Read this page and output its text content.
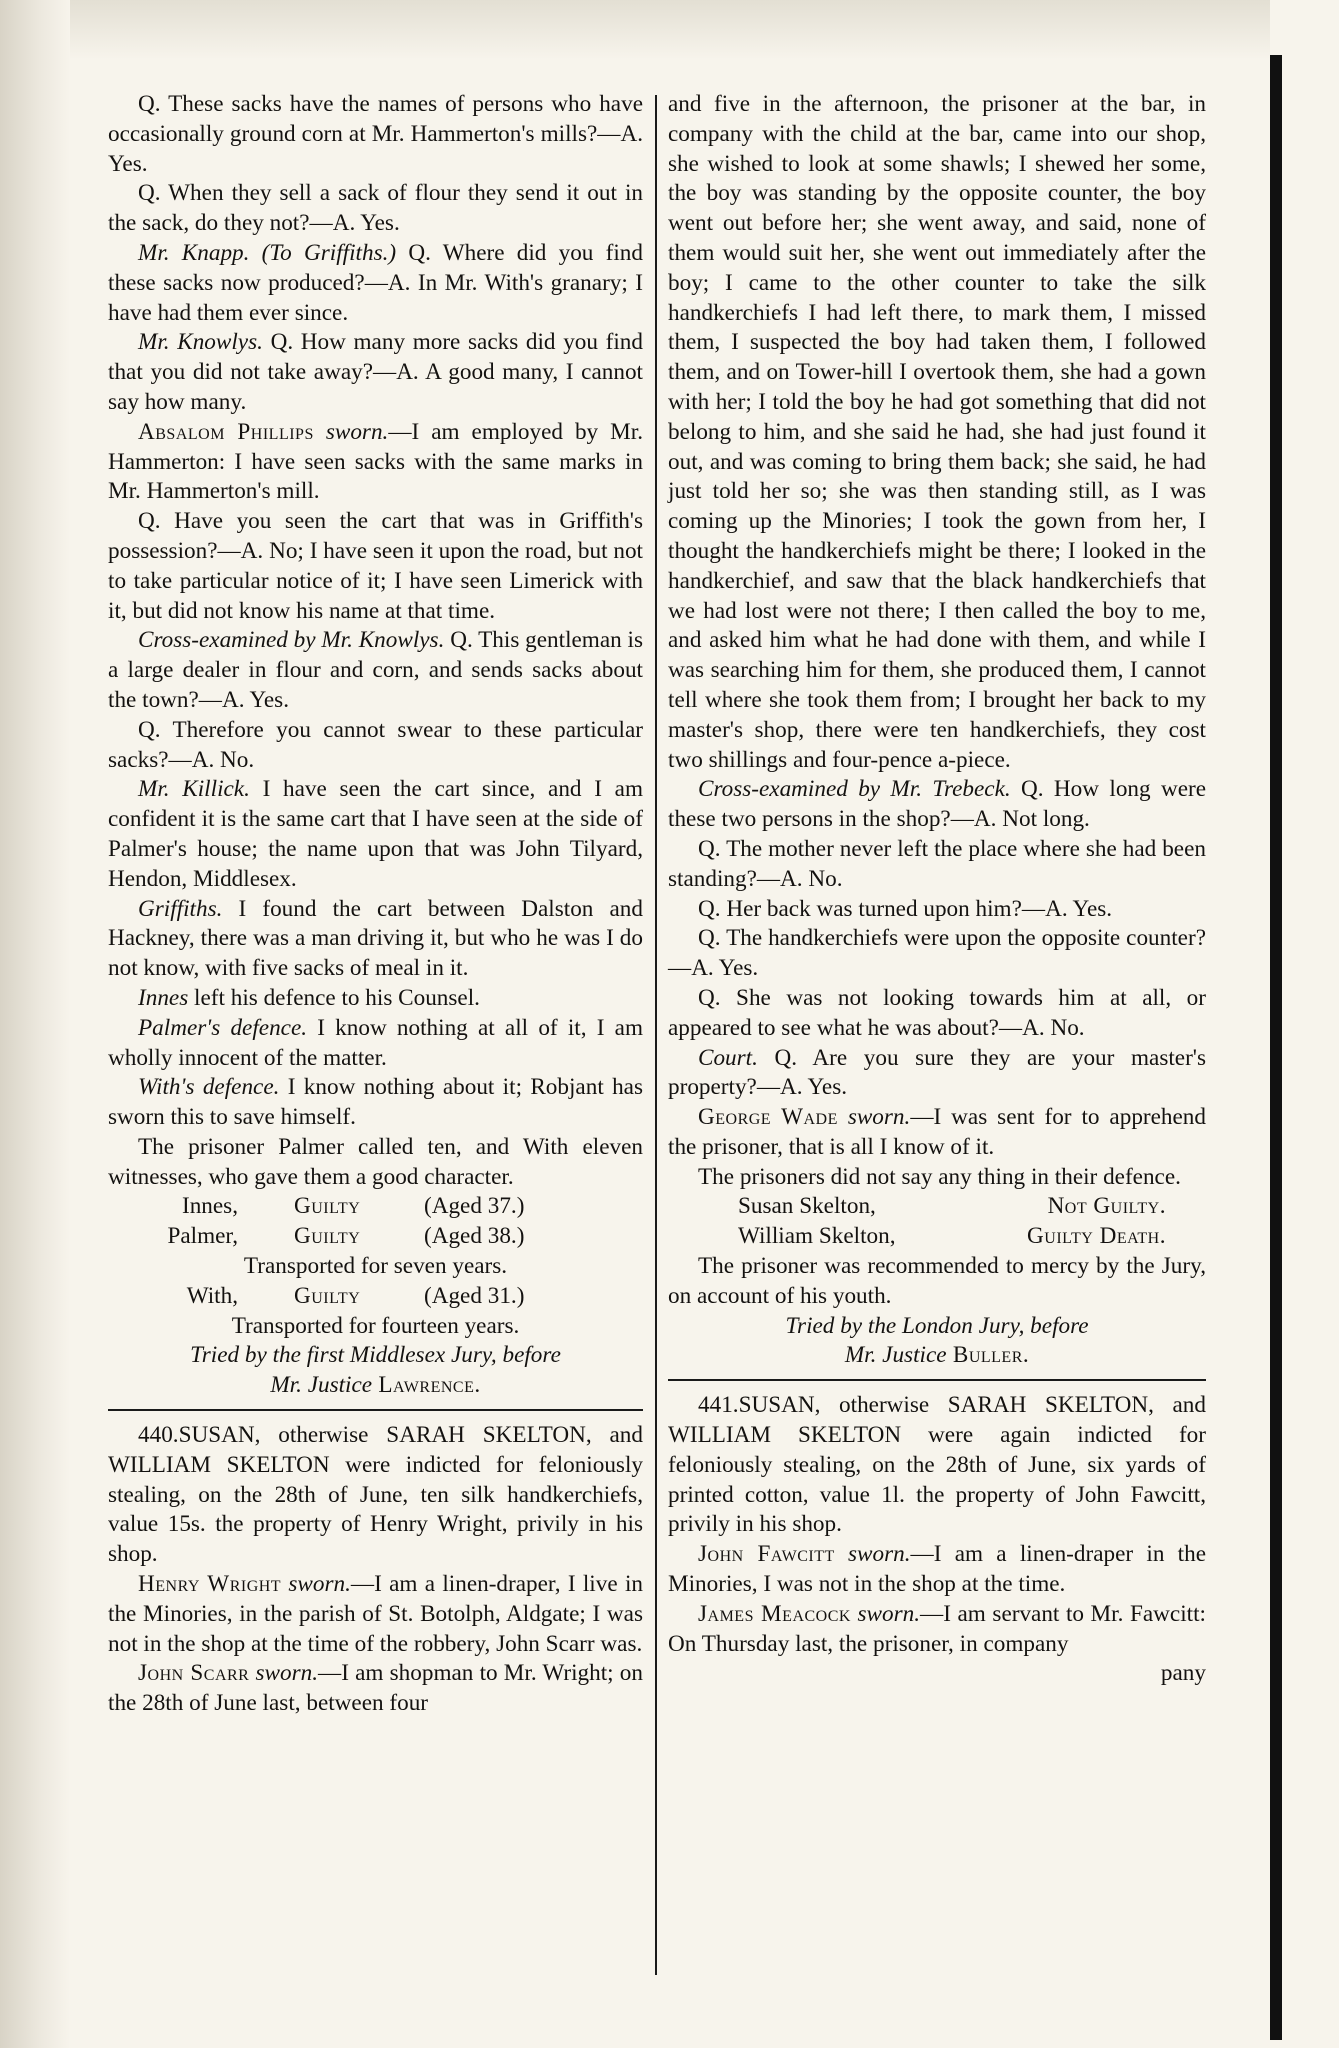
Q. These sacks have the names of persons who have occasionally ground corn at Mr. Hammerton's mills?—A. Yes.

Q. When they sell a sack of flour they send it out in the sack, do they not?—A. Yes.

Mr. Knapp. (To Griffiths.) Q. Where did you find these sacks now produced?—A. In Mr. With's granary; I have had them ever since.

Mr. Knowlys. Q. How many more sacks did you find that you did not take away?—A. A good many, I cannot say how many.

Absalom Phillips sworn.—I am employed by Mr. Hammerton: I have seen sacks with the same marks in Mr. Hammerton's mill.

Q. Have you seen the cart that was in Griffith's possession?—A. No; I have seen it upon the road, but not to take particular notice of it; I have seen Limerick with it, but did not know his name at that time.

Cross-examined by Mr. Knowlys. Q. This gentleman is a large dealer in flour and corn, and sends sacks about the town?—A. Yes.

Q. Therefore you cannot swear to these particular sacks?—A. No.

Mr. Killick. I have seen the cart since, and I am confident it is the same cart that I have seen at the side of Palmer's house; the name upon that was John Tilyard, Hendon, Middlesex.

Griffiths. I found the cart between Dalston and Hackney, there was a man driving it, but who he was I do not know, with five sacks of meal in it.

Innes left his defence to his Counsel.

Palmer's defence. I know nothing at all of it, I am wholly innocent of the matter.

With's defence. I know nothing about it; Robjant has sworn this to save himself.

The prisoner Palmer called ten, and With eleven witnesses, who gave them a good character.

Innes,	Guilty	(Aged 37.)

Palmer,	Guilty	(Aged 38.)

Transported for seven years.

With,	Guilty	(Aged 31.)

Transported for fourteen years.

Tried by the first Middlesex Jury, before

Mr. Justice Lawrence.

440.SUSAN, otherwise SARAH SKELTON, and WILLIAM SKELTON were indicted for feloniously stealing, on the 28th of June, ten silk handkerchiefs, value 15s. the property of Henry Wright, privily in his shop.

Henry Wright sworn.—I am a linen-draper, I live in the Minories, in the parish of St. Botolph, Aldgate; I was not in the shop at the time of the robbery, John Scarr was.

John Scarr sworn.—I am shopman to Mr. Wright; on the 28th of June last, between four

and five in the afternoon, the prisoner at the bar, in company with the child at the bar, came into our shop, she wished to look at some shawls; I shewed her some, the boy was standing by the opposite counter, the boy went out before her; she went away, and said, none of them would suit her, she went out immediately after the boy; I came to the other counter to take the silk handkerchiefs I had left there, to mark them, I missed them, I suspected the boy had taken them, I followed them, and on Tower-hill I overtook them, she had a gown with her; I told the boy he had got something that did not belong to him, and she said he had, she had just found it out, and was coming to bring them back; she said, he had just told her so; she was then standing still, as I was coming up the Minories; I took the gown from her, I thought the handkerchiefs might be there; I looked in the handkerchief, and saw that the black handkerchiefs that we had lost were not there; I then called the boy to me, and asked him what he had done with them, and while I was searching him for them, she produced them, I cannot tell where she took them from; I brought her back to my master's shop, there were ten handkerchiefs, they cost two shillings and four-pence a-piece.

Cross-examined by Mr. Trebeck. Q. How long were these two persons in the shop?—A. Not long.

Q. The mother never left the place where she had been standing?—A. No.

Q. Her back was turned upon him?—A. Yes.

Q. The handkerchiefs were upon the opposite counter?—A. Yes.

Q. She was not looking towards him at all, or appeared to see what he was about?—A. No.

Court. Q. Are you sure they are your master's property?—A. Yes.

George Wade sworn.—I was sent for to apprehend the prisoner, that is all I know of it.

The prisoners did not say any thing in their defence.

Susan Skelton,	Not Guilty.

William Skelton,	Guilty Death.

The prisoner was recommended to mercy by the Jury, on account of his youth.

Tried by the London Jury, before

Mr. Justice Buller.

441.SUSAN, otherwise SARAH SKELTON, and WILLIAM SKELTON were again indicted for feloniously stealing, on the 28th of June, six yards of printed cotton, value 1l. the property of John Fawcitt, privily in his shop.

John Fawcitt sworn.—I am a linen-draper in the Minories, I was not in the shop at the time.

James Meacock sworn.—I am servant to Mr. Fawcitt: On Thursday last, the prisoner, in company

pany
